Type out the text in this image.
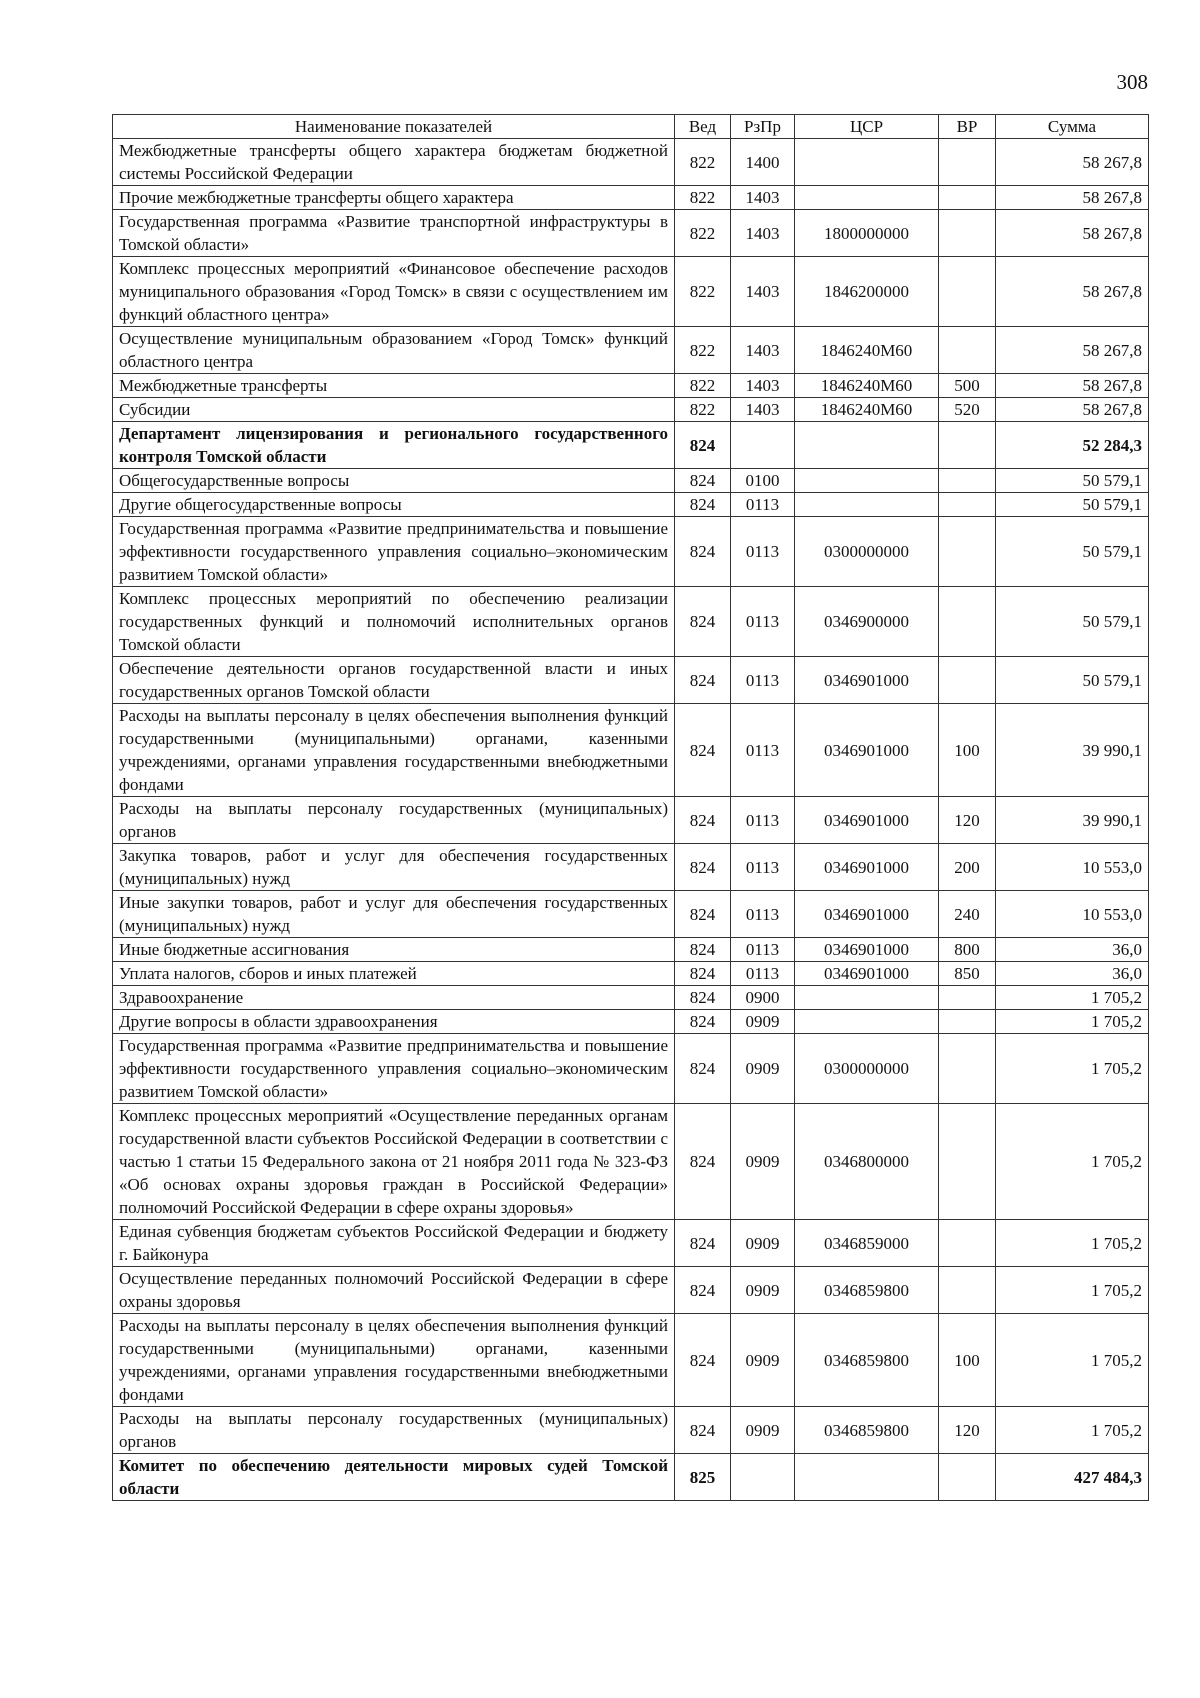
308
Наименование показателей	Вед	РзПр	ЦСР	ВР	Сумма
Межбюджетные трансферты общего характера бюджетам бюджетной системы Российской Федерации	822	1400			58 267,8
Прочие межбюджетные трансферты общего характера	822	1403			58 267,8
Государственная программа «Развитие транспортной инфраструктуры в Томской области»	822	1403	1800000000		58 267,8
Комплекс процессных мероприятий «Финансовое обеспечение расходов муниципального образования «Город Томск» в связи с осуществлением им функций областного центра»	822	1403	1846200000		58 267,8
Осуществление муниципальным образованием «Город Томск» функций областного центра	822	1403	1846240М60		58 267,8
Межбюджетные трансферты	822	1403	1846240М60	500	58 267,8
Субсидии	822	1403	1846240М60	520	58 267,8
Департамент лицензирования и регионального государственного контроля Томской области	824				52 284,3
Общегосударственные вопросы	824	0100			50 579,1
Другие общегосударственные вопросы	824	0113			50 579,1
Государственная программа «Развитие предпринимательства и повышение эффективности государственного управления социально–экономическим развитием Томской области»	824	0113	0300000000		50 579,1
Комплекс процессных мероприятий по обеспечению реализации государственных функций и полномочий исполнительных органов Томской области	824	0113	0346900000		50 579,1
Обеспечение деятельности органов государственной власти и иных государственных органов Томской области	824	0113	0346901000		50 579,1
Расходы на выплаты персоналу в целях обеспечения выполнения функций государственными (муниципальными) органами, казенными учреждениями, органами управления государственными внебюджетными фондами	824	0113	0346901000	100	39 990,1
Расходы на выплаты персоналу государственных (муниципальных) органов	824	0113	0346901000	120	39 990,1
Закупка товаров, работ и услуг для обеспечения государственных (муниципальных) нужд	824	0113	0346901000	200	10 553,0
Иные закупки товаров, работ и услуг для обеспечения государственных (муниципальных) нужд	824	0113	0346901000	240	10 553,0
Иные бюджетные ассигнования	824	0113	0346901000	800	36,0
Уплата налогов, сборов и иных платежей	824	0113	0346901000	850	36,0
Здравоохранение	824	0900			1 705,2
Другие вопросы в области здравоохранения	824	0909			1 705,2
Государственная программа «Развитие предпринимательства и повышение эффективности государственного управления социально–экономическим развитием Томской области»	824	0909	0300000000		1 705,2
Комплекс процессных мероприятий «Осуществление переданных органам государственной власти субъектов Российской Федерации в соответствии с частью 1 статьи 15 Федерального закона от 21 ноября 2011 года № 323-ФЗ «Об основах охраны здоровья граждан в Российской Федерации» полномочий Российской Федерации в сфере охраны здоровья»	824	0909	0346800000		1 705,2
Единая субвенция бюджетам субъектов Российской Федерации и бюджету г. Байконура	824	0909	0346859000		1 705,2
Осуществление переданных полномочий Российской Федерации в сфере охраны здоровья	824	0909	0346859800		1 705,2
Расходы на выплаты персоналу в целях обеспечения выполнения функций государственными (муниципальными) органами, казенными учреждениями, органами управления государственными внебюджетными фондами	824	0909	0346859800	100	1 705,2
Расходы на выплаты персоналу государственных (муниципальных) органов	824	0909	0346859800	120	1 705,2
Комитет по обеспечению деятельности мировых судей Томской области	825				427 484,3
